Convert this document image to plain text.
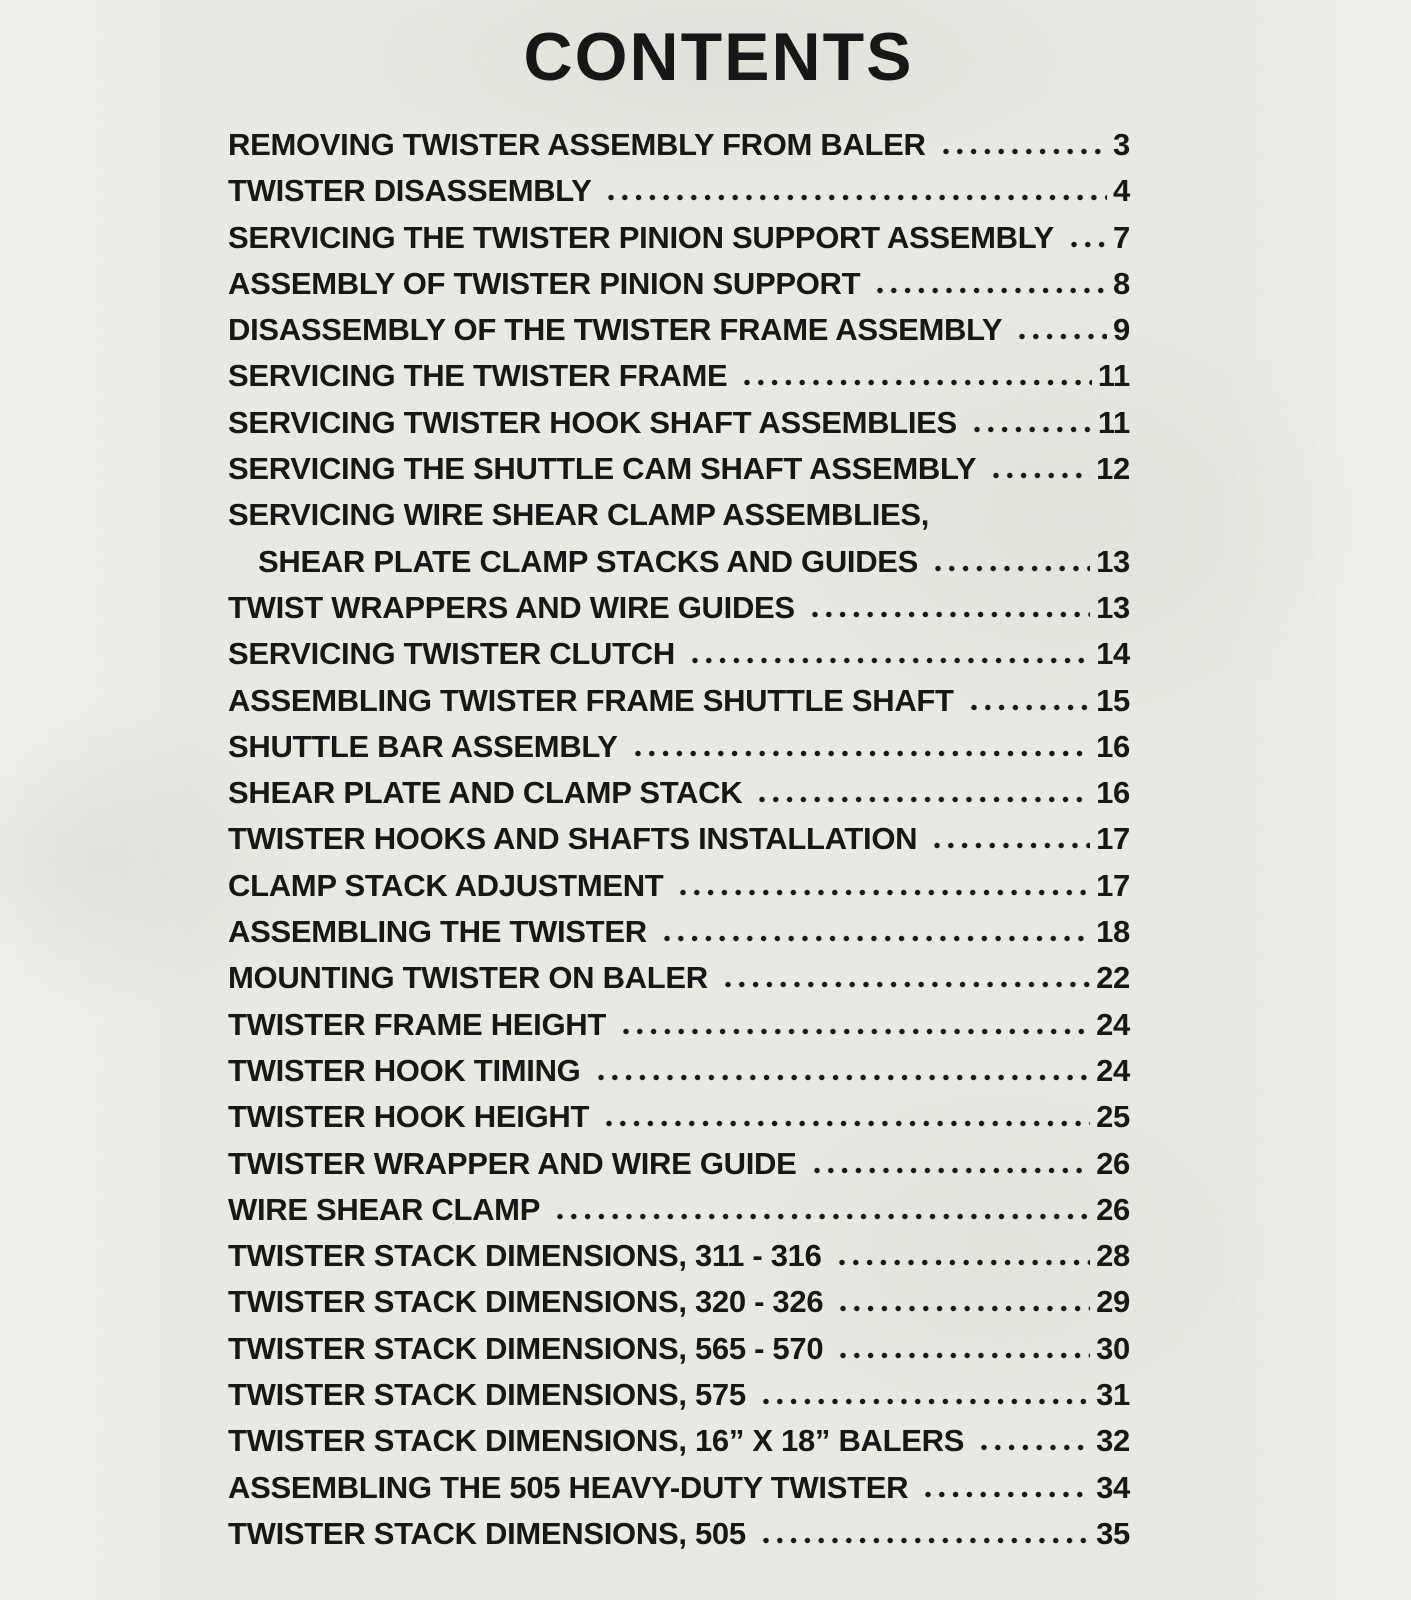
CONTENTS
REMOVING TWISTER ASSEMBLY FROM BALER	3
TWISTER DISASSEMBLY	4
SERVICING THE TWISTER PINION SUPPORT ASSEMBLY 7
ASSEMBLY OF TWISTER PINION SUPPORT	8
DISASSEMBLY OF THE TWISTER FRAME ASSEMBLY	9
SERVICING THE TWISTER FRAME	11
SERVICING TWISTER HOOK SHAFT ASSEMBLIES	11
SERVICING THE SHUTTLE CAM SHAFT ASSEMBLY	12
SERVICING WIRE SHEAR CLAMP ASSEMBLIES,
SHEAR PLATE CLAMP STACKS AND GUIDES	13
TWIST WRAPPERS AND WIRE GUIDES	13
SERVICING TWISTER CLUTCH	14
ASSEMBLING TWISTER FRAME SHUTTLE SHAFT	15
SHUTTLE BAR ASSEMBLY	16
SHEAR PLATE AND CLAMP STACK	16
TWISTER HOOKS AND SHAFTS INSTALLATION	17
CLAMP STACK ADJUSTMENT	17
ASSEMBLING THE TWISTER	18
MOUNTING TWISTER ON BALER	22
TWISTER FRAME HEIGHT	24
TWISTER HOOK TIMING	24
TWISTER HOOK HEIGHT	25
TWISTER WRAPPER AND WIRE GUIDE	26
WIRE SHEAR CLAMP	26
TWISTER STACK DIMENSIONS, 311 - 316	28
TWISTER STACK DIMENSIONS, 320 - 326	29
TWISTER STACK DIMENSIONS, 565 - 570	30
TWISTER STACK DIMENSIONS, 575	31
TWISTER STACK DIMENSIONS, 16” X 18” BALERS	32
ASSEMBLING THE 505 HEAVY-DUTY TWISTER	34
TWISTER STACK DIMENSIONS, 505	35
